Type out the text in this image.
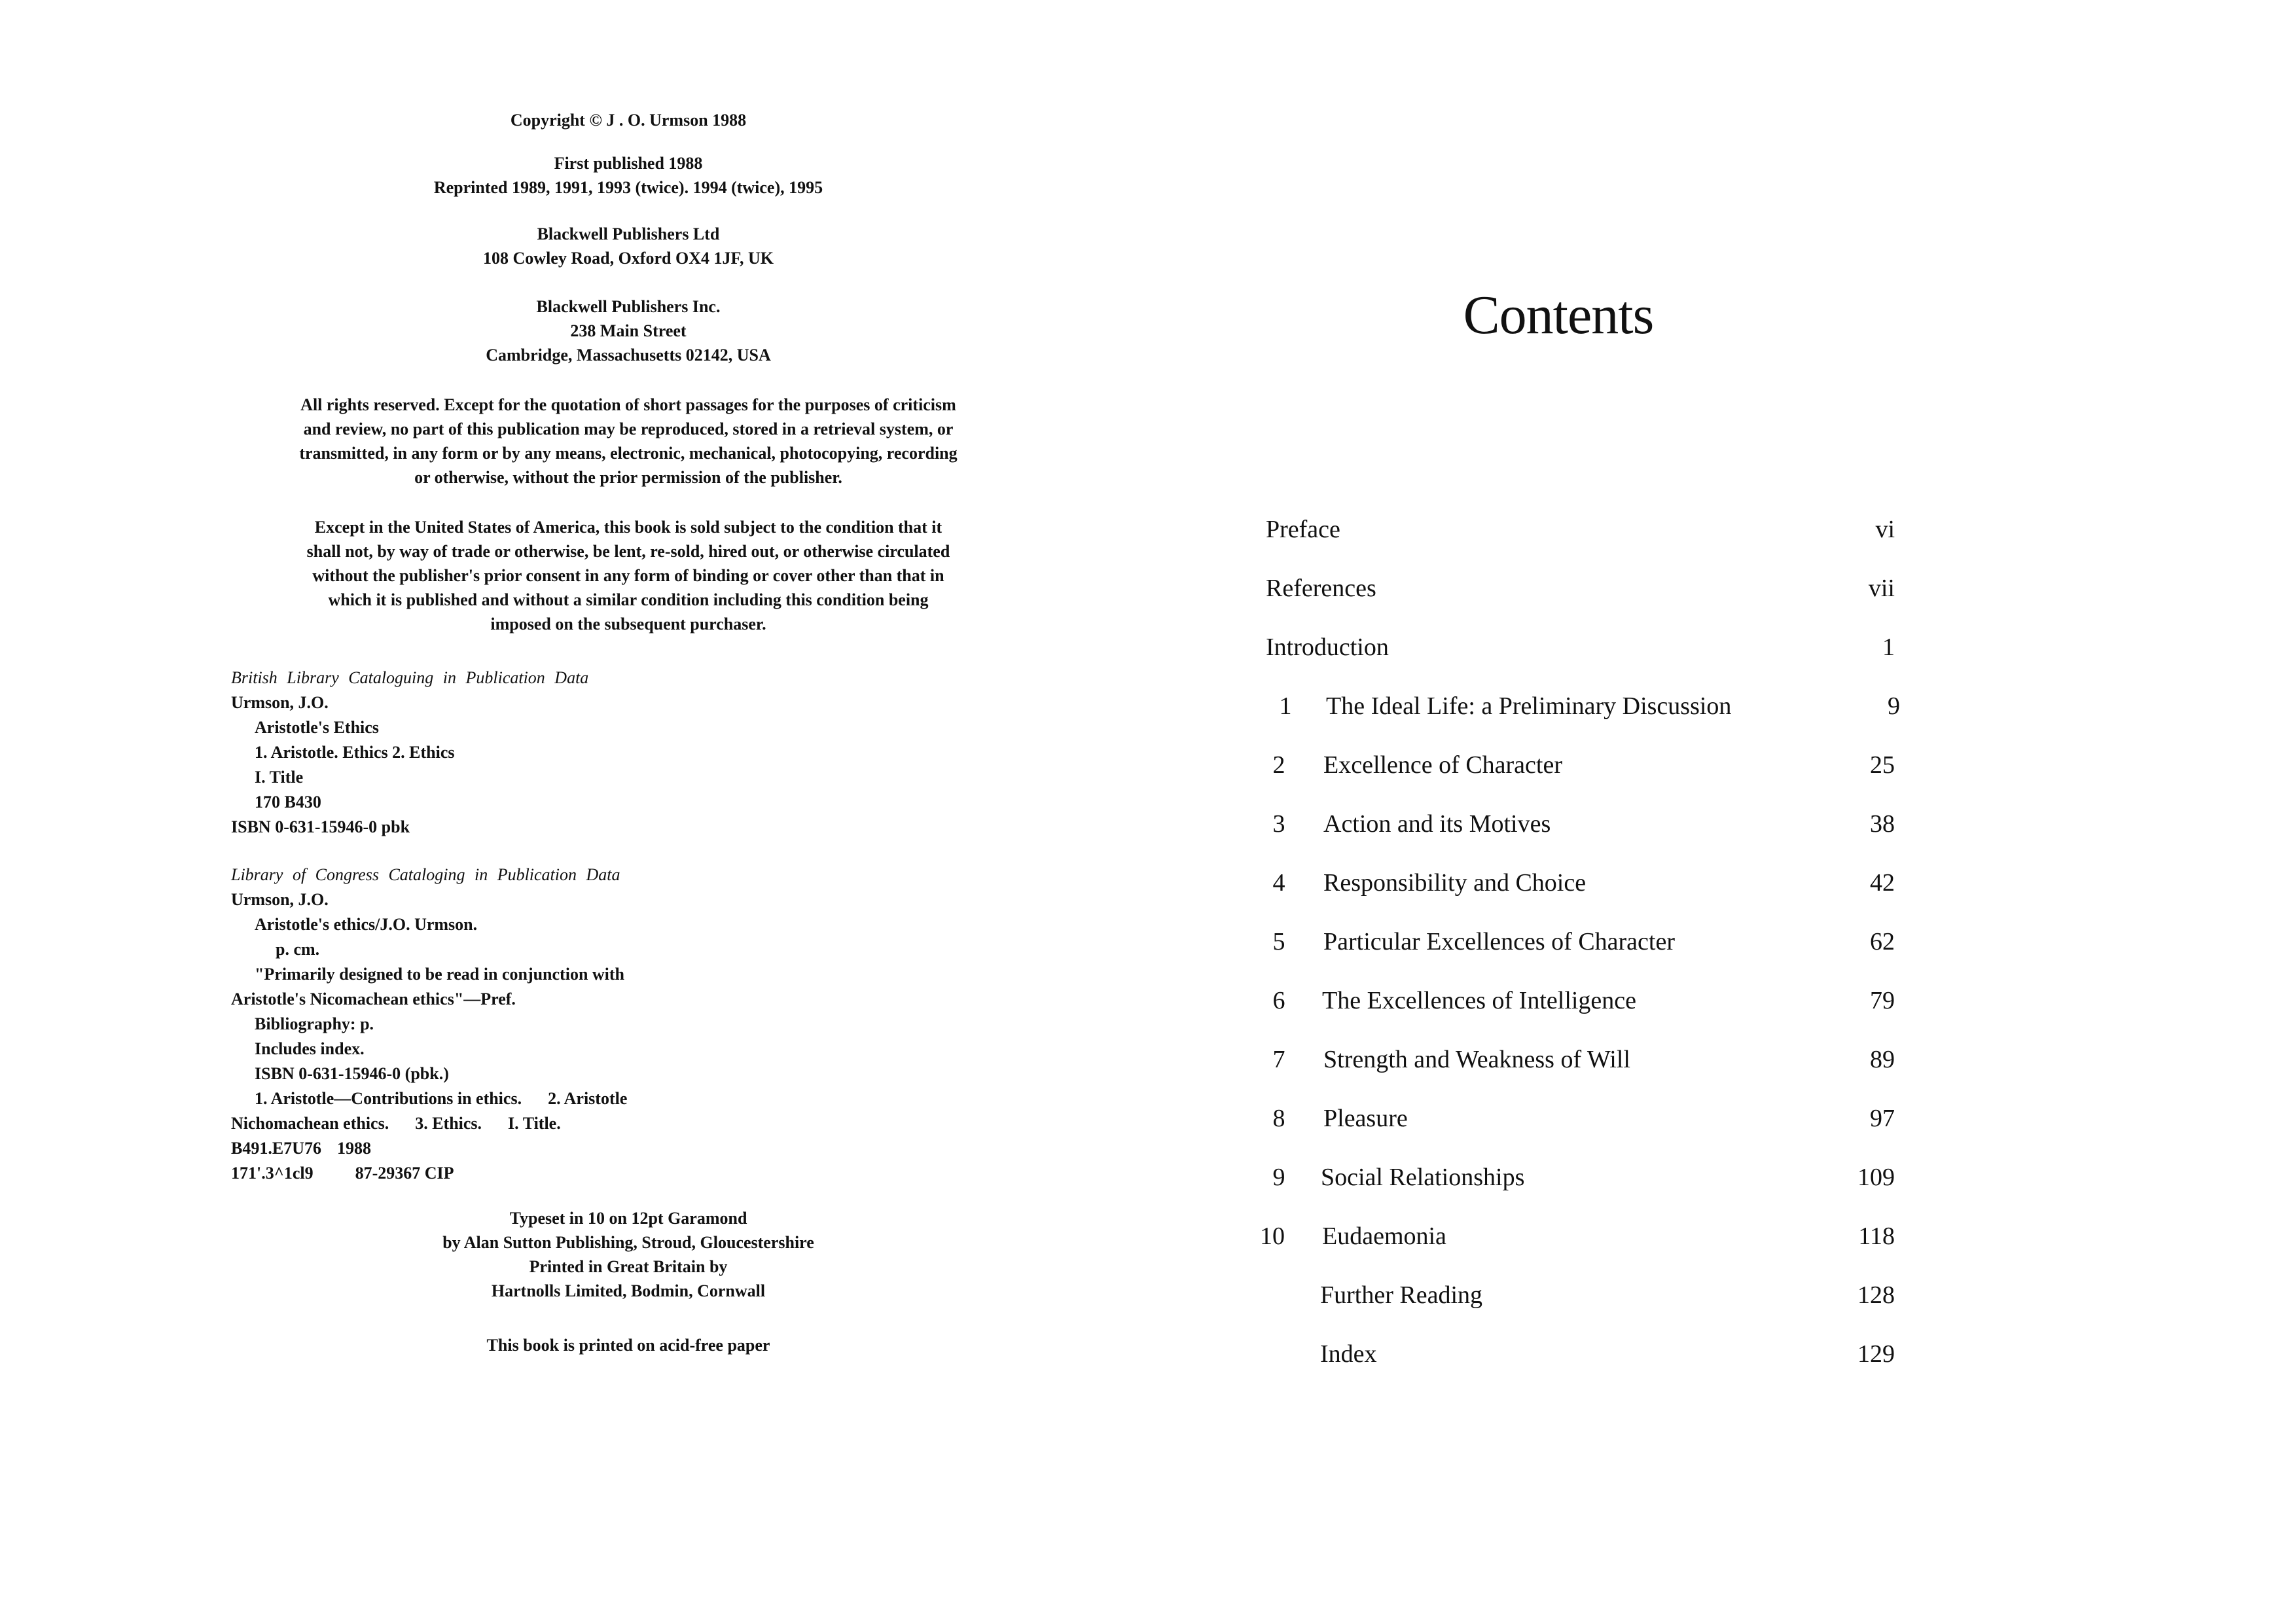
Copyright © J . O. Urmson 1988
First published 1988
Reprinted 1989, 1991, 1993 (twice). 1994 (twice), 1995
Blackwell Publishers Ltd
108 Cowley Road, Oxford OX4 1JF, UK
Blackwell Publishers Inc.
238 Main Street
Cambridge, Massachusetts 02142, USA
All rights reserved. Except for the quotation of short passages for the purposes of criticism
and review, no part of this publication may be reproduced, stored in a retrieval system, or
transmitted, in any form or by any means, electronic, mechanical, photocopying, recording
or otherwise, without the prior permission of the publisher.
Except in the United States of America, this book is sold subject to the condition that it
shall not, by way of trade or otherwise, be lent, re-sold, hired out, or otherwise circulated
without the publisher's prior consent in any form of binding or cover other than that in
which it is published and without a similar condition including this condition being
imposed on the subsequent purchaser.
British Library Cataloguing in Publication Data
Urmson, J.O.
Aristotle's Ethics
1. Aristotle. Ethics 2. Ethics
I. Title
170 B430
ISBN 0-631-15946-0 pbk
Library of Congress Cataloging in Publication Data
Urmson, J.O.
Aristotle's ethics/J.O. Urmson.
p. cm.
"Primarily designed to be read in conjunction with
Aristotle's Nicomachean ethics"—Pref.
Bibliography: p.
Includes index.
ISBN 0-631-15946-0 (pbk.)
1. Aristotle—Contributions in ethics. 2. Aristotle
Nichomachean ethics. 3. Ethics. I. Title.
B491.E7U76 1988
171'.3^1cl9 87-29367 CIP
Typeset in 10 on 12pt Garamond
by Alan Sutton Publishing, Stroud, Gloucestershire
Printed in Great Britain by
Hartnolls Limited, Bodmin, Cornwall
This book is printed on acid-free paper
Contents
Preface	vi
References	vii
Introduction	1
1	The Ideal Life: a Preliminary Discussion	9
2	Excellence of Character	25
3	Action and its Motives	38
4	Responsibility and Choice	42
5	Particular Excellences of Character	62
6	The Excellences of Intelligence	79
7	Strength and Weakness of Will	89
8	Pleasure	97
9	Social Relationships	109
10 Eudaemonia	118
Further Reading	128
Index	129
